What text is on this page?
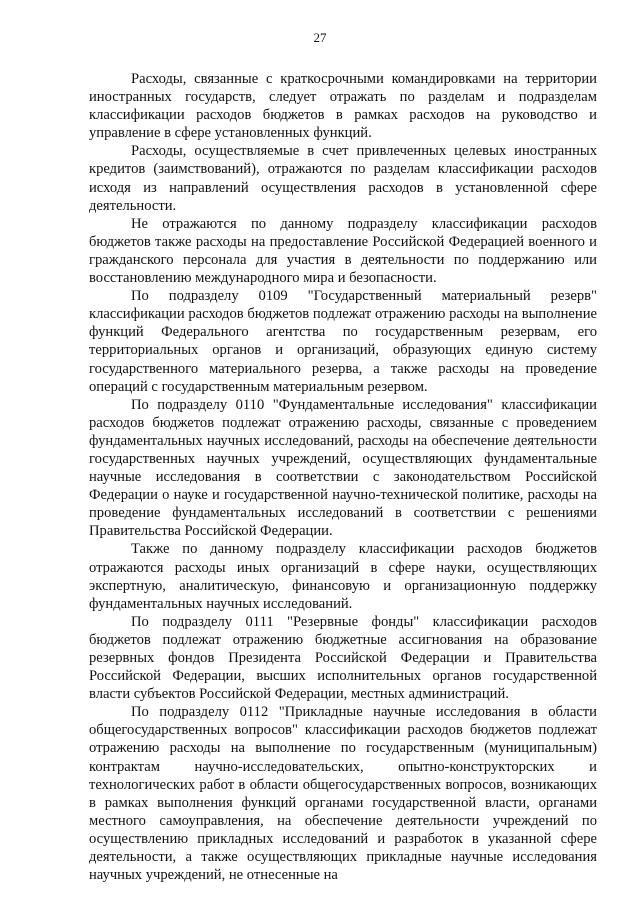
27

Расходы, связанные с краткосрочными командировками на территории иностранных государств, следует отражать по разделам и подразделам классификации расходов бюджетов в рамках расходов на руководство и управление в сфере установленных функций.

Расходы, осуществляемые в счет привлеченных целевых иностранных кредитов (заимствований), отражаются по разделам классификации расходов исходя из направлений осуществления расходов в установленной сфере деятельности.

Не отражаются по данному подразделу классификации расходов бюджетов также расходы на предоставление Российской Федерацией военного и гражданского персонала для участия в деятельности по поддержанию или восстановлению международного мира и безопасности.

По подразделу 0109 "Государственный материальный резерв" классификации расходов бюджетов подлежат отражению расходы на выполнение функций Федерального агентства по государственным резервам, его территориальных органов и организаций, образующих единую систему государственного материального резерва, а также расходы на проведение операций с государственным материальным резервом.

По подразделу 0110 "Фундаментальные исследования" классификации расходов бюджетов подлежат отражению расходы, связанные с проведением фундаментальных научных исследований, расходы на обеспечение деятельности государственных научных учреждений, осуществляющих фундаментальные научные исследования в соответствии с законодательством Российской Федерации о науке и государственной научно-технической политике, расходы на проведение фундаментальных исследований в соответствии с решениями Правительства Российской Федерации.

Также по данному подразделу классификации расходов бюджетов отражаются расходы иных организаций в сфере науки, осуществляющих экспертную, аналитическую, финансовую и организационную поддержку фундаментальных научных исследований.

По подразделу 0111 "Резервные фонды" классификации расходов бюджетов подлежат отражению бюджетные ассигнования на образование резервных фондов Президента Российской Федерации и Правительства Российской Федерации, высших исполнительных органов государственной власти субъектов Российской Федерации, местных администраций.

По подразделу 0112 "Прикладные научные исследования в области общегосударственных вопросов" классификации расходов бюджетов подлежат отражению расходы на выполнение по государственным (муниципальным) контрактам научно-исследовательских, опытно-конструкторских и технологических работ в области общегосударственных вопросов, возникающих в рамках выполнения функций органами государственной власти, органами местного самоуправления, на обеспечение деятельности учреждений по осуществлению прикладных исследований и разработок в указанной сфере деятельности, а также осуществляющих прикладные научные исследования научных учреждений, не отнесенные на
